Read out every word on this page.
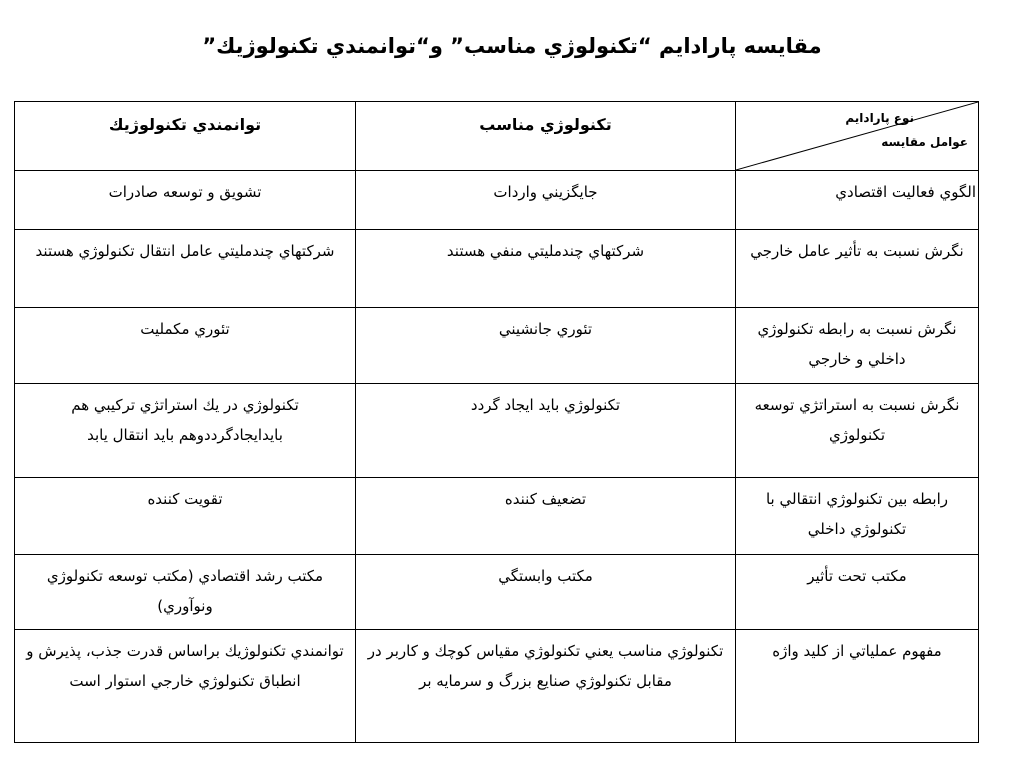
مقايسه پارادايم “تكنولوژي مناسب” و“توانمندي تكنولوژيك”
نوع پارادايم
عوامل مقايسه	تكنولوژي مناسب	توانمندي تكنولوژيك

الگوي فعاليت اقتصادي	جايگزيني واردات	تشويق و توسعه صادرات

نگرش نسبت به تأثير عامل خارجي	شركتهاي چندمليتي منفي هستند	شركتهاي چندمليتي عامل انتقال تكنولوژي هستند

نگرش نسبت به رابطه تكنولوژي داخلي و خارجي	تئوري جانشيني	تئوري مكمليت

نگرش نسبت به استراتژي توسعه تكنولوژي	تكنولوژي بايد ايجاد گردد	تكنولوژي در يك استراتژي تركيبي هم بايدايجادگرددوهم بايد انتقال يابد

رابطه بين تكنولوژي انتقالي با تكنولوژي داخلي	تضعيف كننده	تقويت كننده

مكتب تحت تأثير	مكتب وابستگي	مكتب رشد اقتصادي (مكتب توسعه تكنولوژي ونوآوري)

مفهوم عملياتي از كليد واژه	تكنولوژي مناسب يعني تكنولوژي مقياس كوچك و كاربر در مقابل تكنولوژي صنايع بزرگ و سرمايه بر	توانمندي تكنولوژيك براساس قدرت جذب، پذيرش و انطباق تكنولوژي خارجي استوار است
